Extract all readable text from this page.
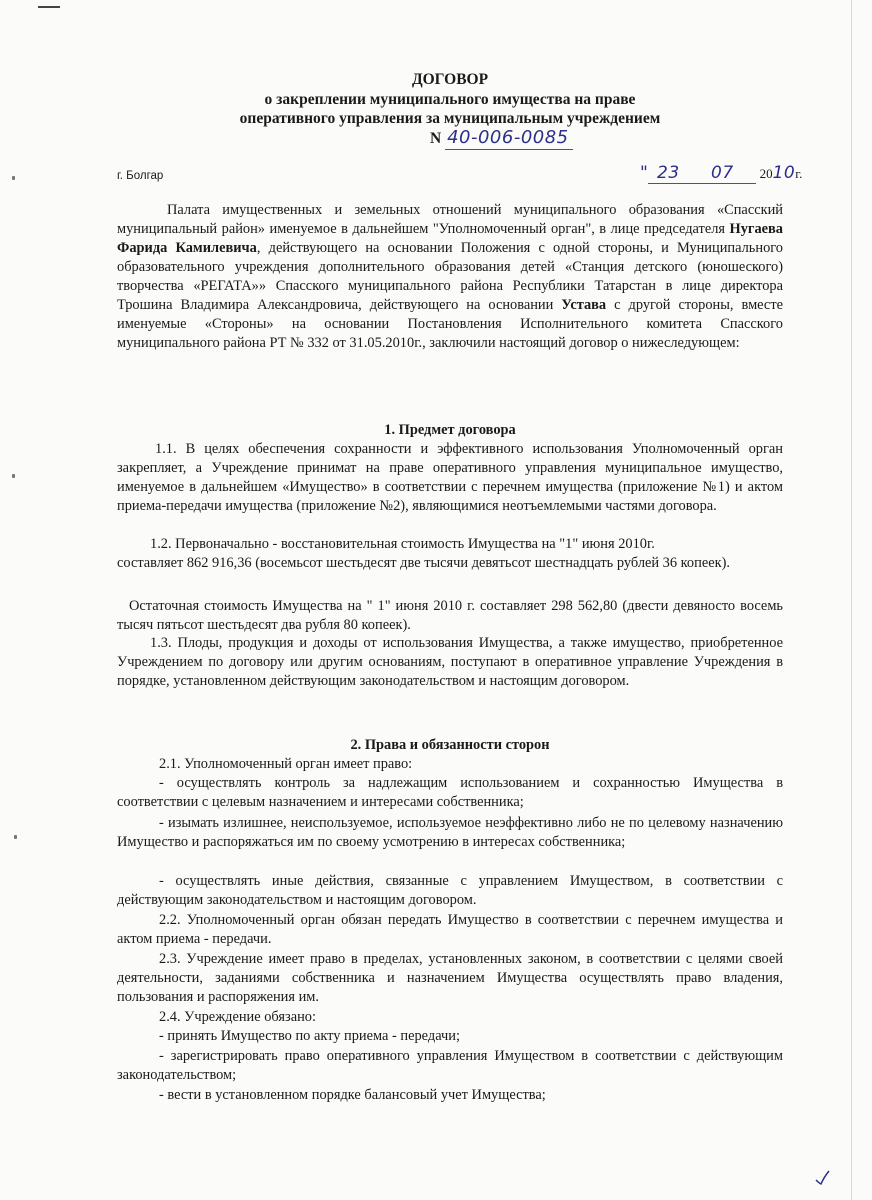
ДОГОВОР
о закреплении муниципального имущества на праве
оперативного управления за муниципальным учреждением
N 40-006-0085
г. Болгар	" 23 07 2010г.
Палата имущественных и земельных отношений муниципального образования «Спасский муниципальный район» именуемое в дальнейшем "Уполномоченный орган", в лице председателя Нугаева Фарида Камилевича, действующего на основании Положения с одной стороны, и Муниципального образовательного учреждения дополнительного образования детей «Станция детского (юношеского) творчества «РЕГАТА»» Спасского муниципального района Республики Татарстан в лице директора Трошина Владимира Александровича, действующего на основании Устава с другой стороны, вместе именуемые «Стороны» на основании Постановления Исполнительного комитета Спасского муниципального района РТ № 332 от 31.05.2010г., заключили настоящий договор о нижеследующем:
1. Предмет договора
1.1. В целях обеспечения сохранности и эффективного использования Уполномоченный орган закрепляет, а Учреждение принимат на праве оперативного управления муниципальное имущество, именуемое в дальнейшем «Имущество» в соответствии с перечнем имущества (приложение №1) и актом приема-передачи имущества (приложение №2), являющимися неотъемлемыми частями договора.
1.2. Первоначально - восстановительная стоимость Имущества на "1" июня 2010г.
составляет 862 916,36 (восемьсот шестьдесят две тысячи девятьсот шестнадцать рублей 36 копеек).
Остаточная стоимость Имущества на " 1" июня 2010 г. составляет 298 562,80 (двести девяносто восемь тысяч пятьсот шестьдесят два рубля 80 копеек).
1.3. Плоды, продукция и доходы от использования Имущества, а также имущество, приобретенное Учреждением по договору или другим основаниям, поступают в оперативное управление Учреждения в порядке, установленном действующим законодательством и настоящим договором.
2. Права и обязанности сторон
2.1. Уполномоченный орган имеет право:
- осуществлять контроль за надлежащим использованием и сохранностью Имущества в соответствии с целевым назначением и интересами собственника;
- изымать излишнее, неиспользуемое, используемое неэффективно либо не по целевому назначению Имущество и распоряжаться им по своему усмотрению в интересах собственника;
- осуществлять иные действия, связанные с управлением Имуществом, в соответствии с действующим законодательством и настоящим договором.
2.2. Уполномоченный орган обязан передать Имущество в соответствии с перечнем имущества и актом приема - передачи.
2.3. Учреждение имеет право в пределах, установленных законом, в соответствии с целями своей деятельности, заданиями собственника и назначением Имущества осуществлять право владения, пользования и распоряжения им.
2.4. Учреждение обязано:
- принять Имущество по акту приема - передачи;
- зарегистрировать право оперативного управления Имуществом в соответствии с действующим законодательством;
- вести в установленном порядке балансовый учет Имущества;
